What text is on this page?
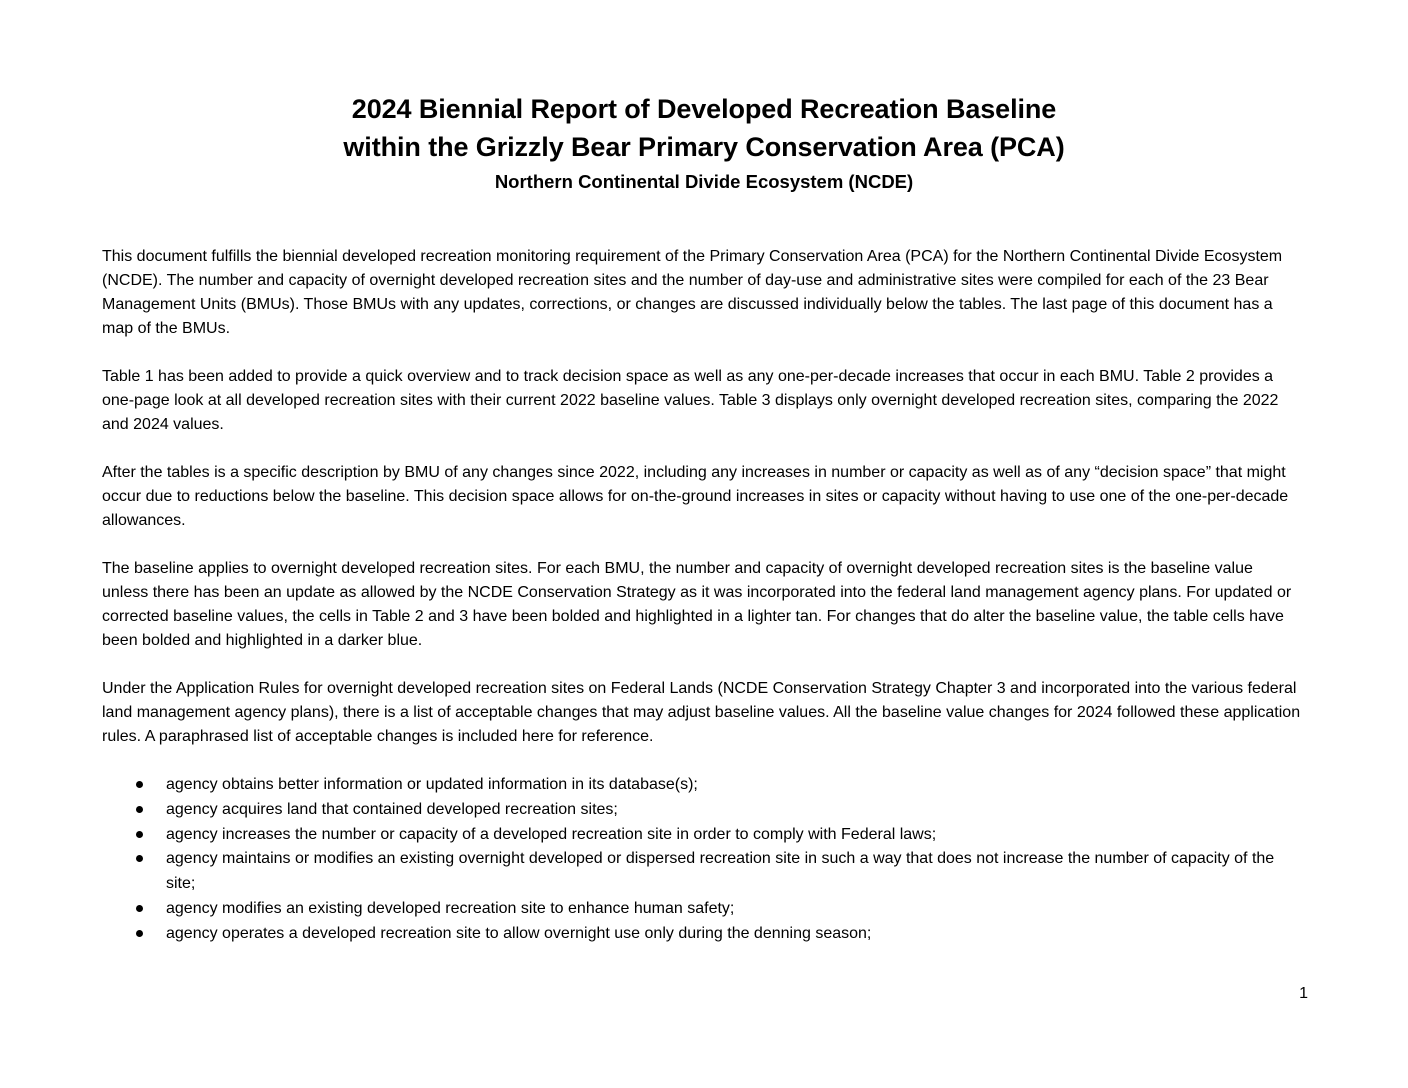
2024 Biennial Report of Developed Recreation Baseline
within the Grizzly Bear Primary Conservation Area (PCA)
Northern Continental Divide Ecosystem (NCDE)

This document fulfills the biennial developed recreation monitoring requirement of the Primary Conservation Area (PCA) for the Northern Continental Divide Ecosystem (NCDE). The number and capacity of overnight developed recreation sites and the number of day-use and administrative sites were compiled for each of the 23 Bear Management Units (BMUs). Those BMUs with any updates, corrections, or changes are discussed individually below the tables. The last page of this document has a map of the BMUs.

Table 1 has been added to provide a quick overview and to track decision space as well as any one-per-decade increases that occur in each BMU. Table 2 provides a one-page look at all developed recreation sites with their current 2022 baseline values. Table 3 displays only overnight developed recreation sites, comparing the 2022 and 2024 values.

After the tables is a specific description by BMU of any changes since 2022, including any increases in number or capacity as well as of any “decision space” that might occur due to reductions below the baseline. This decision space allows for on-the-ground increases in sites or capacity without having to use one of the one-per-decade allowances.

The baseline applies to overnight developed recreation sites. For each BMU, the number and capacity of overnight developed recreation sites is the baseline value unless there has been an update as allowed by the NCDE Conservation Strategy as it was incorporated into the federal land management agency plans. For updated or corrected baseline values, the cells in Table 2 and 3 have been bolded and highlighted in a lighter tan. For changes that do alter the baseline value, the table cells have been bolded and highlighted in a darker blue.

Under the Application Rules for overnight developed recreation sites on Federal Lands (NCDE Conservation Strategy Chapter 3 and incorporated into the various federal land management agency plans), there is a list of acceptable changes that may adjust baseline values. All the baseline value changes for 2024 followed these application rules. A paraphrased list of acceptable changes is included here for reference.

agency obtains better information or updated information in its database(s);
agency acquires land that contained developed recreation sites;
agency increases the number or capacity of a developed recreation site in order to comply with Federal laws;
agency maintains or modifies an existing overnight developed or dispersed recreation site in such a way that does not increase the number of capacity of the site;
agency modifies an existing developed recreation site to enhance human safety;
agency operates a developed recreation site to allow overnight use only during the denning season;
1
